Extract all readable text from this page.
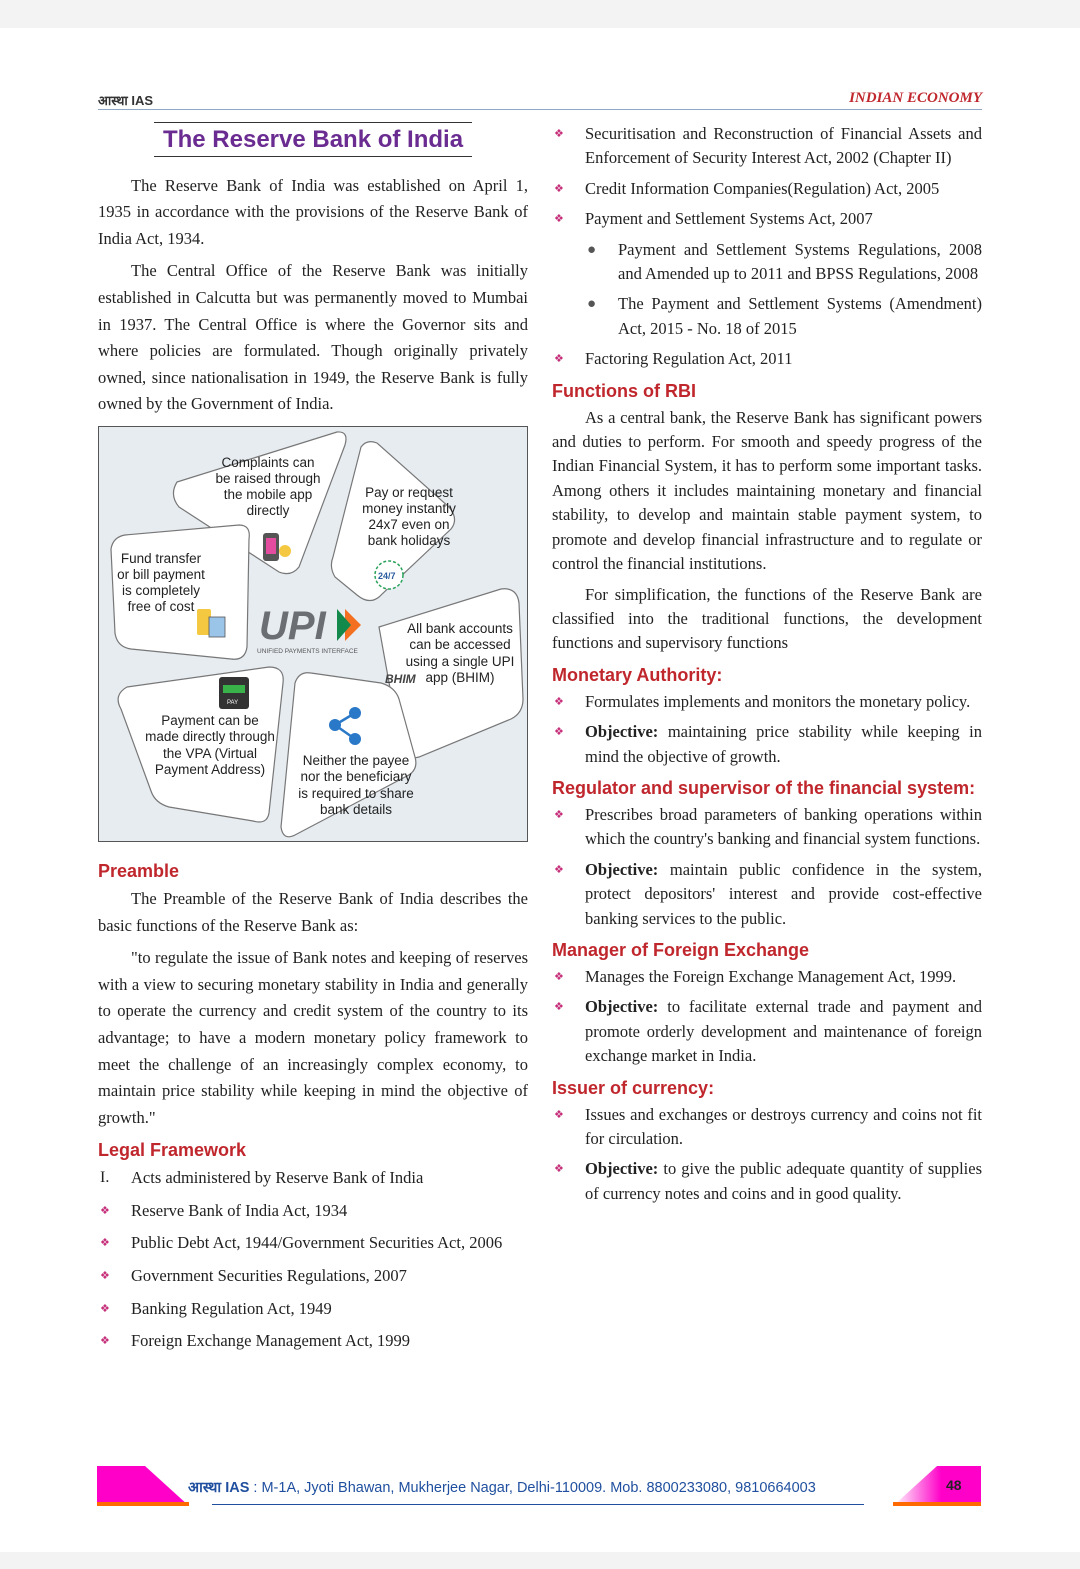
आस्था IAS	INDIAN ECONOMY
The Reserve Bank of India

The Reserve Bank of India was established on April 1, 1935 in accordance with the provisions of the Reserve Bank of India Act, 1934.

The Central Office of the Reserve Bank was initially established in Calcutta but was permanently moved to Mumbai in 1937. The Central Office is where the Governor sits and where policies are formulated. Though originally privately owned, since nationalisation in 1949, the Reserve Bank is fully owned by the Government of India.

UPI
UNIFIED PAYMENTS INTERFACE
24/7
PAY
BHIM
Complaints can be raised through the mobile app directly
Pay or request money instantly 24x7 even on bank holidays
Fund transfer or bill payment is completely free of cost
All bank accounts can be accessed using a single UPI app (BHIM)
Payment can be made directly through the VPA (Virtual Payment Address)
Neither the payee nor the beneficiary is required to share bank details
Preamble

The Preamble of the Reserve Bank of India describes the basic functions of the Reserve Bank as:

"to regulate the issue of Bank notes and keeping of reserves with a view to securing monetary stability in India and generally to operate the currency and credit system of the country to its advantage; to have a modern monetary policy framework to meet the challenge of an increasingly complex economy, to maintain price stability while keeping in mind the objective of growth."

Legal Framework
I. Acts administered by Reserve Bank of India
❖ Reserve Bank of India Act, 1934
❖ Public Debt Act, 1944/Government Securities Act, 2006
❖ Government Securities Regulations, 2007
❖ Banking Regulation Act, 1949
❖ Foreign Exchange Management Act, 1999
❖ Securitisation and Reconstruction of Financial Assets and Enforcement of Security Interest Act, 2002 (Chapter II)
❖ Credit Information Companies(Regulation) Act, 2005
❖ Payment and Settlement Systems Act, 2007
● Payment and Settlement Systems Regulations, 2008 and Amended up to 2011 and BPSS Regulations, 2008
● The Payment and Settlement Systems (Amendment) Act, 2015 - No. 18 of 2015
❖ Factoring Regulation Act, 2011
Functions of RBI

As a central bank, the Reserve Bank has significant powers and duties to perform. For smooth and speedy progress of the Indian Financial System, it has to perform some important tasks. Among others it includes maintaining monetary and financial stability, to develop and maintain stable payment system, to promote and develop financial infrastructure and to regulate or control the financial institutions.

For simplification, the functions of the Reserve Bank are classified into the traditional functions, the development functions and supervisory functions

Monetary Authority:
❖ Formulates implements and monitors the monetary policy.
❖ Objective: maintaining price stability while keeping in mind the objective of growth.
Regulator and supervisor of the financial system:
❖ Prescribes broad parameters of banking operations within which the country's banking and financial system functions.
❖ Objective: maintain public confidence in the system, protect depositors' interest and provide cost-effective banking services to the public.
Manager of Foreign Exchange
❖ Manages the Foreign Exchange Management Act, 1999.
❖ Objective: to facilitate external trade and payment and promote orderly development and maintenance of foreign exchange market in India.
Issuer of currency:
❖ Issues and exchanges or destroys currency and coins not fit for circulation.
❖ Objective: to give the public adequate quantity of supplies of currency notes and coins and in good quality.
आस्था IAS : M-1A, Jyoti Bhawan, Mukherjee Nagar, Delhi-110009. Mob. 8800233080, 9810664003	48
